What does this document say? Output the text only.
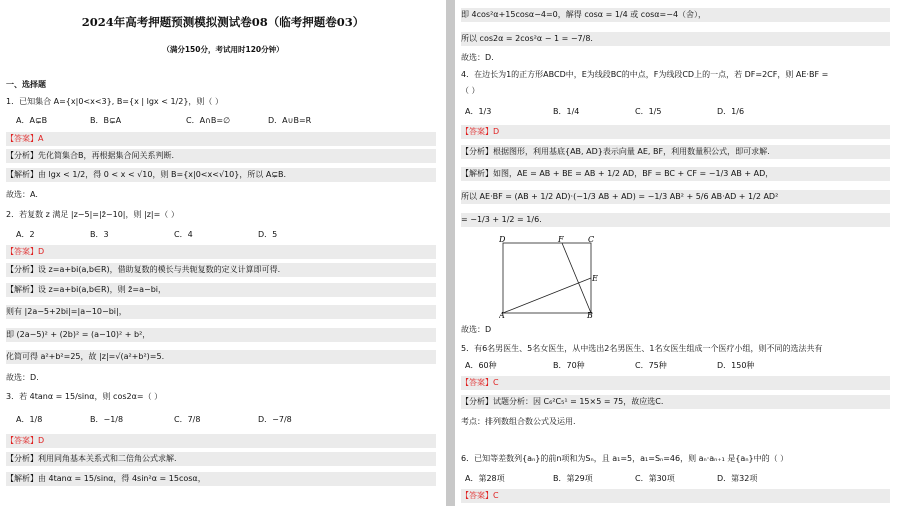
2024年高考押题预测模拟测试卷08（临考押题卷03）
（满分150分，考试用时120分钟）
一、选择题
1．已知集合 A={x|0<x<3}, B={x | lgx < 1/2}，则（ ）
A．A⊊B	B．B⊊A	C．A∩B=∅	D．A∪B=R
【答案】A
【分析】先化简集合B，再根据集合间关系判断.
【解析】由 lgx < 1/2，得 0 < x < √10，则 B={x|0<x<√10}，所以 A⊊B.
故选：A.
2．若复数 z 满足 |z−5|=|z̄−10|，则 |z|=（ ）
A．2	B．3	C．4	D．5
【答案】D
【分析】设 z=a+bi(a,b∈R)，借助复数的模长与共轭复数的定义计算即可得.
【解析】设 z=a+bi(a,b∈R)，则 z̄=a−bi，
则有 |2a−5+2bi|=|a−10−bi|，
即 (2a−5)² + (2b)² = (a−10)² + b²，
化简可得 a²+b²=25，故 |z|=√(a²+b²)=5.
故选：D.
3．若 4tanα = 15/sinα，则 cos2α=（ ）
A．1/8	B．−1/8	C．7/8	D．−7/8
【答案】D
【分析】利用同角基本关系式和二倍角公式求解.
【解析】由 4tanα = 15/sinα，得 4sin²α = 15cosα，
即 4cos²α+15cosα−4=0，解得 cosα = 1/4 或 cosα=−4（舍），
所以 cos2α = 2cos²α − 1 = −7/8.
故选：D.
4．在边长为1的正方形ABCD中，E为线段BC的中点，F为线段CD上的一点，若 DF=2CF，则 AE·BF =
（ ）
A．1/3	B．1/4	C．1/5	D．1/6
【答案】D
【分析】根据图形，利用基底{AB, AD}表示向量 AE, BF，利用数量积公式，即可求解.
【解析】如图，AE = AB + BE = AB + 1/2 AD，BF = BC + CF = −1/3 AB + AD，
所以 AE·BF = (AB + 1/2 AD)·(−1/3 AB + AD) = −1/3 AB² + 5/6 AB·AD + 1/2 AD²
= −1/3 + 1/2 = 1/6.
D	F	C
E
A	B
故选：D
5．有6名男医生、5名女医生，从中选出2名男医生、1名女医生组成一个医疗小组，则不同的选法共有
A．60种	B．70种	C．75种	D．150种
【答案】C
【分析】试题分析：因 C₆²C₅¹ = 15×5 = 75，故应选C.
考点：排列数组合数公式及运用.
6．已知等差数列{aₙ}的前n项和为Sₙ，且 a₁=5，a₁=Sₙ=46，则 aₙ·aₙ₊₁ 是{aₙ}中的（ ）
A．第28项	B．第29项	C．第30项	D．第32项
【答案】C
